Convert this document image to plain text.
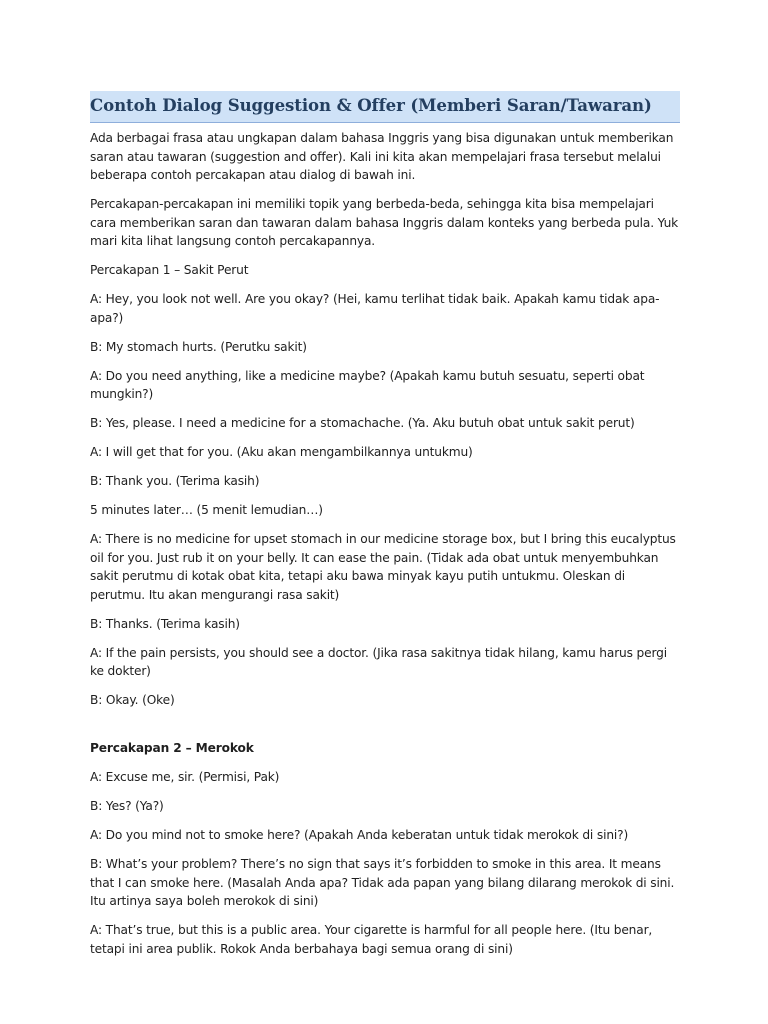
Contoh Dialog Suggestion & Offer (Memberi Saran/Tawaran)

Ada berbagai frasa atau ungkapan dalam bahasa Inggris yang bisa digunakan untuk memberikan saran atau tawaran (suggestion and offer). Kali ini kita akan mempelajari frasa tersebut melalui beberapa contoh percakapan atau dialog di bawah ini.

Percakapan-percakapan ini memiliki topik yang berbeda-beda, sehingga kita bisa mempelajari cara memberikan saran dan tawaran dalam bahasa Inggris dalam konteks yang berbeda pula. Yuk mari kita lihat langsung contoh percakapannya.

Percakapan 1 – Sakit Perut

A: Hey, you look not well. Are you okay? (Hei, kamu terlihat tidak baik. Apakah kamu tidak apa-apa?)

B: My stomach hurts. (Perutku sakit)

A: Do you need anything, like a medicine maybe? (Apakah kamu butuh sesuatu, seperti obat mungkin?)

B: Yes, please. I need a medicine for a stomachache. (Ya. Aku butuh obat untuk sakit perut)

A: I will get that for you. (Aku akan mengambilkannya untukmu)

B: Thank you. (Terima kasih)

5 minutes later… (5 menit lemudian…)

A: There is no medicine for upset stomach in our medicine storage box, but I bring this eucalyptus oil for you. Just rub it on your belly. It can ease the pain. (Tidak ada obat untuk menyembuhkan sakit perutmu di kotak obat kita, tetapi aku bawa minyak kayu putih untukmu. Oleskan di perutmu. Itu akan mengurangi rasa sakit)

B: Thanks. (Terima kasih)

A: If the pain persists, you should see a doctor. (Jika rasa sakitnya tidak hilang, kamu harus pergi ke dokter)

B: Okay. (Oke)

Percakapan 2 – Merokok

A: Excuse me, sir. (Permisi, Pak)

B: Yes? (Ya?)

A: Do you mind not to smoke here? (Apakah Anda keberatan untuk tidak merokok di sini?)

B: What’s your problem? There’s no sign that says it’s forbidden to smoke in this area. It means that I can smoke here. (Masalah Anda apa? Tidak ada papan yang bilang dilarang merokok di sini. Itu artinya saya boleh merokok di sini)

A: That’s true, but this is a public area. Your cigarette is harmful for all people here. (Itu benar, tetapi ini area publik. Rokok Anda berbahaya bagi semua orang di sini)
